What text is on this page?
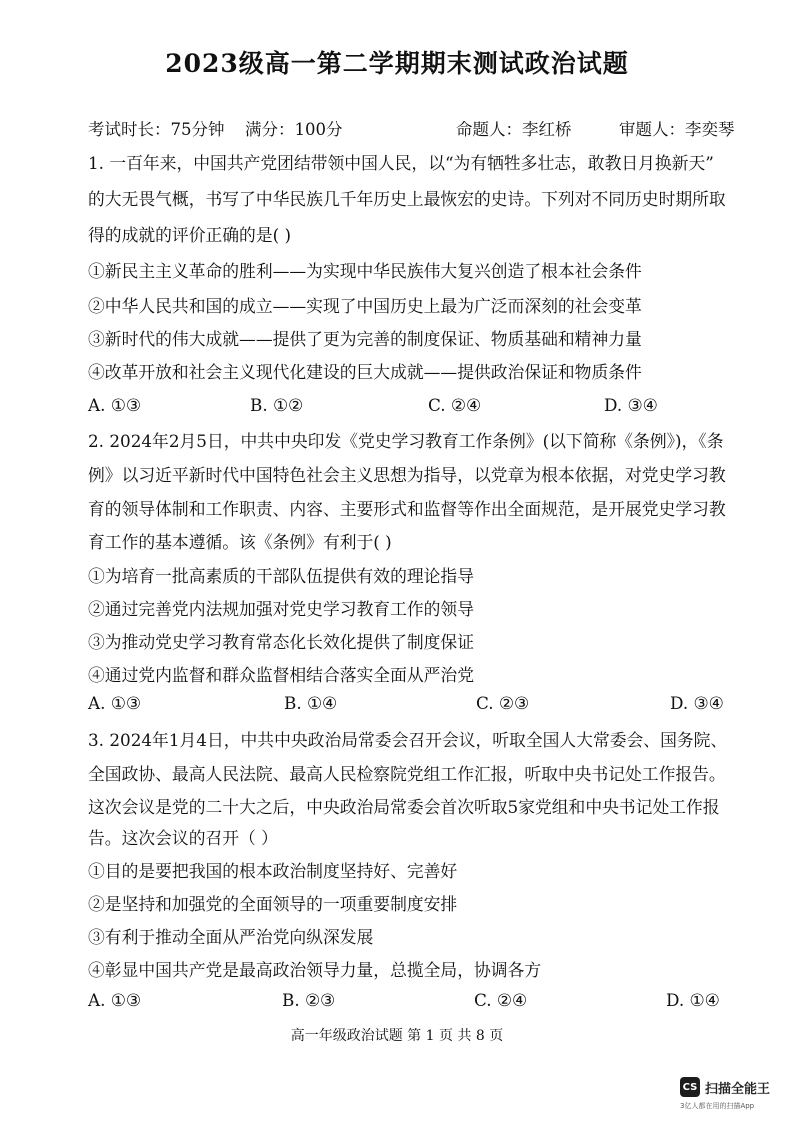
2023级高一第二学期期末测试政治试题
考试时长：75分钟 满分：100分	命题人：李红桥	审题人：李奕琴
1. 一百年来，中国共产党团结带领中国人民，以“为有牺牲多壮志，敢教日月换新天”
的大无畏气概，书写了中华民族几千年历史上最恢宏的史诗。下列对不同历史时期所取
得的成就的评价正确的是( )
①新民主主义革命的胜利——为实现中华民族伟大复兴创造了根本社会条件
②中华人民共和国的成立——实现了中国历史上最为广泛而深刻的社会变革
③新时代的伟大成就——提供了更为完善的制度保证、物质基础和精神力量
④改革开放和社会主义现代化建设的巨大成就——提供政治保证和物质条件
A. ①③	B. ①②	C. ②④	D. ③④
2. 2024年2月5日，中共中央印发《党史学习教育工作条例》(以下简称《条例》)，《条
例》以习近平新时代中国特色社会主义思想为指导，以党章为根本依据，对党史学习教
育的领导体制和工作职责、内容、主要形式和监督等作出全面规范，是开展党史学习教
育工作的基本遵循。该《条例》有利于( )
①为培育一批高素质的干部队伍提供有效的理论指导
②通过完善党内法规加强对党史学习教育工作的领导
③为推动党史学习教育常态化长效化提供了制度保证
④通过党内监督和群众监督相结合落实全面从严治党
A. ①③	B. ①④	C. ②③	D. ③④
3. 2024年1月4日，中共中央政治局常委会召开会议，听取全国人大常委会、国务院、
全国政协、最高人民法院、最高人民检察院党组工作汇报，听取中央书记处工作报告。
这次会议是党的二十大之后，中央政治局常委会首次听取5家党组和中央书记处工作报
告。这次会议的召开（ ）
①目的是要把我国的根本政治制度坚持好、完善好
②是坚持和加强党的全面领导的一项重要制度安排
③有利于推动全面从严治党向纵深发展
④彰显中国共产党是最高政治领导力量，总揽全局，协调各方
A. ①③	B. ②③	C. ②④	D. ①④
高一年级政治试题 第 1 页 共 8 页
CS 扫描全能王
3亿人都在用的扫描App
